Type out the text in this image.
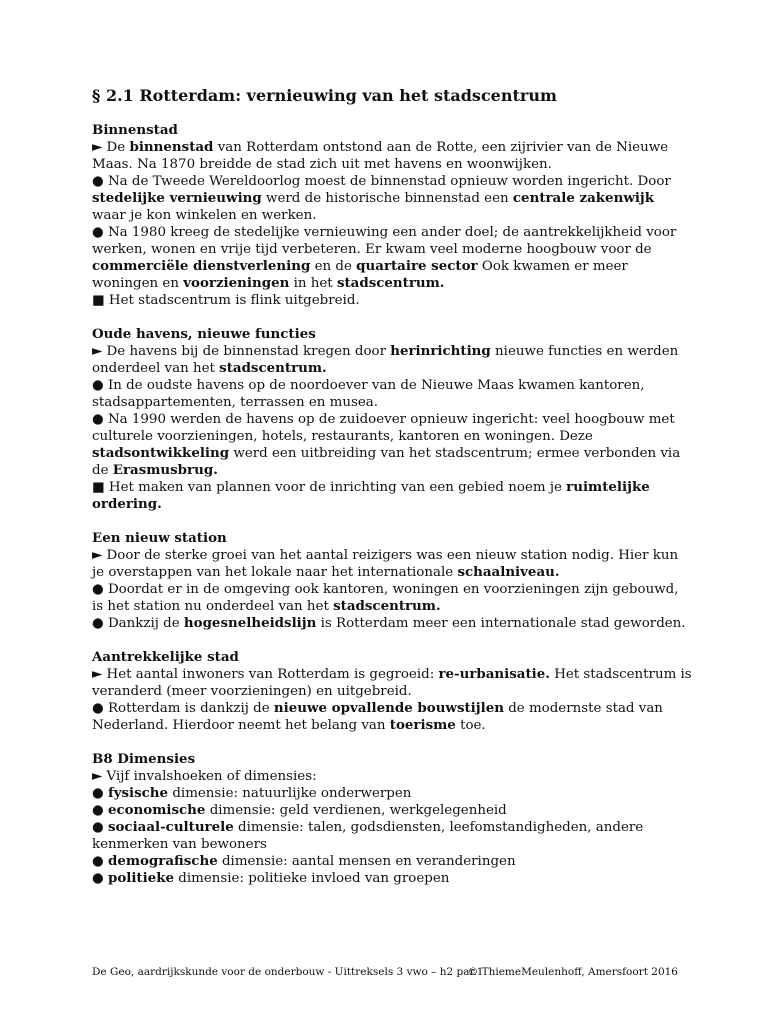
§ 2.1 Rotterdam: vernieuwing van het stadscentrum
Binnenstad

► De binnenstad van Rotterdam ontstond aan de Rotte, een zijrivier van de Nieuwe Maas. Na 1870 breidde de stad zich uit met havens en woonwijken.

● Na de Tweede Wereldoorlog moest de binnenstad opnieuw worden ingericht. Door stedelijke vernieuwing werd de historische binnenstad een centrale zakenwijk waar je kon winkelen en werken.

● Na 1980 kreeg de stedelijke vernieuwing een ander doel; de aantrekkelijkheid voor werken, wonen en vrije tijd verbeteren. Er kwam veel moderne hoogbouw voor de commerciële dienstverlening en de quartaire sector Ook kwamen er meer woningen en voorzieningen in het stadscentrum.

■ Het stadscentrum is flink uitgebreid.

Oude havens, nieuwe functies

► De havens bij de binnenstad kregen door herinrichting nieuwe functies en werden onderdeel van het stadscentrum.

● In de oudste havens op de noordoever van de Nieuwe Maas kwamen kantoren, stadsappartementen, terrassen en musea.

● Na 1990 werden de havens op de zuidoever opnieuw ingericht: veel hoogbouw met culturele voorzieningen, hotels, restaurants, kantoren en woningen. Deze stadsontwikkeling werd een uitbreiding van het stadscentrum; ermee verbonden via de Erasmusbrug.

■ Het maken van plannen voor de inrichting van een gebied noem je ruimtelijke ordering.

Een nieuw station

► Door de sterke groei van het aantal reizigers was een nieuw station nodig. Hier kun je overstappen van het lokale naar het internationale schaalniveau.

● Doordat er in de omgeving ook kantoren, woningen en voorzieningen zijn gebouwd, is het station nu onderdeel van het stadscentrum.

● Dankzij de hogesnelheidslijn is Rotterdam meer een internationale stad geworden.

Aantrekkelijke stad

► Het aantal inwoners van Rotterdam is gegroeid: re-urbanisatie. Het stadscentrum is veranderd (meer voorzieningen) en uitgebreid.

● Rotterdam is dankzij de nieuwe opvallende bouwstijlen de modernste stad van Nederland. Hierdoor neemt het belang van toerisme toe.

B8 Dimensies

► Vijf invalshoeken of dimensies:

● fysische dimensie: natuurlijke onderwerpen

● economische dimensie: geld verdienen, werkgelegenheid

● sociaal-culturele dimensie: talen, godsdiensten, leefomstandigheden, andere kenmerken van bewoners

● demografische dimensie: aantal mensen en veranderingen

● politieke dimensie: politieke invloed van groepen

De Geo, aardrijkskunde voor de onderbouw - Uittreksels 3 vwo – h2 par.1
© ThiemeMeulenhoff, Amersfoort 2016
